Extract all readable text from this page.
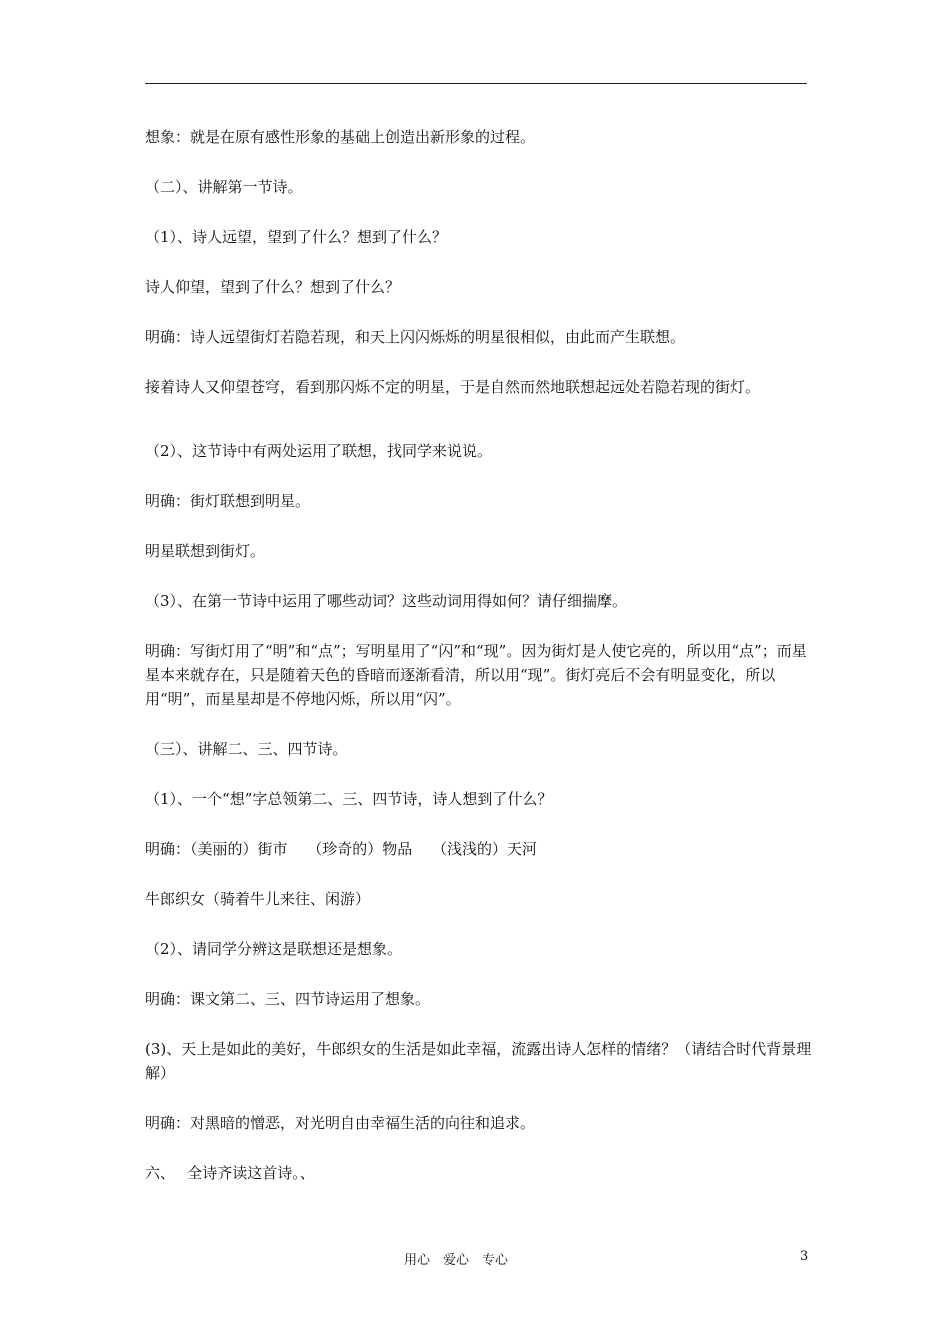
想象：就是在原有感性形象的基础上创造出新形象的过程。

（二）、讲解第一节诗。

（1）、诗人远望，望到了什么？想到了什么？

诗人仰望，望到了什么？想到了什么？

明确：诗人远望街灯若隐若现，和天上闪闪烁烁的明星很相似，由此而产生联想。

接着诗人又仰望苍穹，看到那闪烁不定的明星，于是自然而然地联想起远处若隐若现的街灯。

（2）、这节诗中有两处运用了联想，找同学来说说。

明确：街灯联想到明星。

明星联想到街灯。

（3）、在第一节诗中运用了哪些动词？这些动词用得如何？请仔细揣摩。

明确：写街灯用了“明”和“点”；写明星用了“闪”和“现”。因为街灯是人使它亮的，所以用“点”；而星星本来就存在，只是随着天色的昏暗而逐渐看清，所以用“现”。街灯亮后不会有明显变化，所以用“明”，而星星却是不停地闪烁，所以用“闪”。

（三）、讲解二、三、四节诗。

（1）、一个“想”字总领第二、三、四节诗，诗人想到了什么？

明确：（美丽的）街市　 （珍奇的）物品　 （浅浅的）天河

牛郎织女（骑着牛儿来往、闲游）

（2）、请同学分辨这是联想还是想象。

明确：课文第二、三、四节诗运用了想象。

(3)、天上是如此的美好，牛郎织女的生活是如此幸福，流露出诗人怎样的情绪？（请结合时代背景理解）

明确：对黑暗的憎恶，对光明自由幸福生活的向往和追求。

六、　 全诗齐读这首诗。、

用心　爱心　专心	3
